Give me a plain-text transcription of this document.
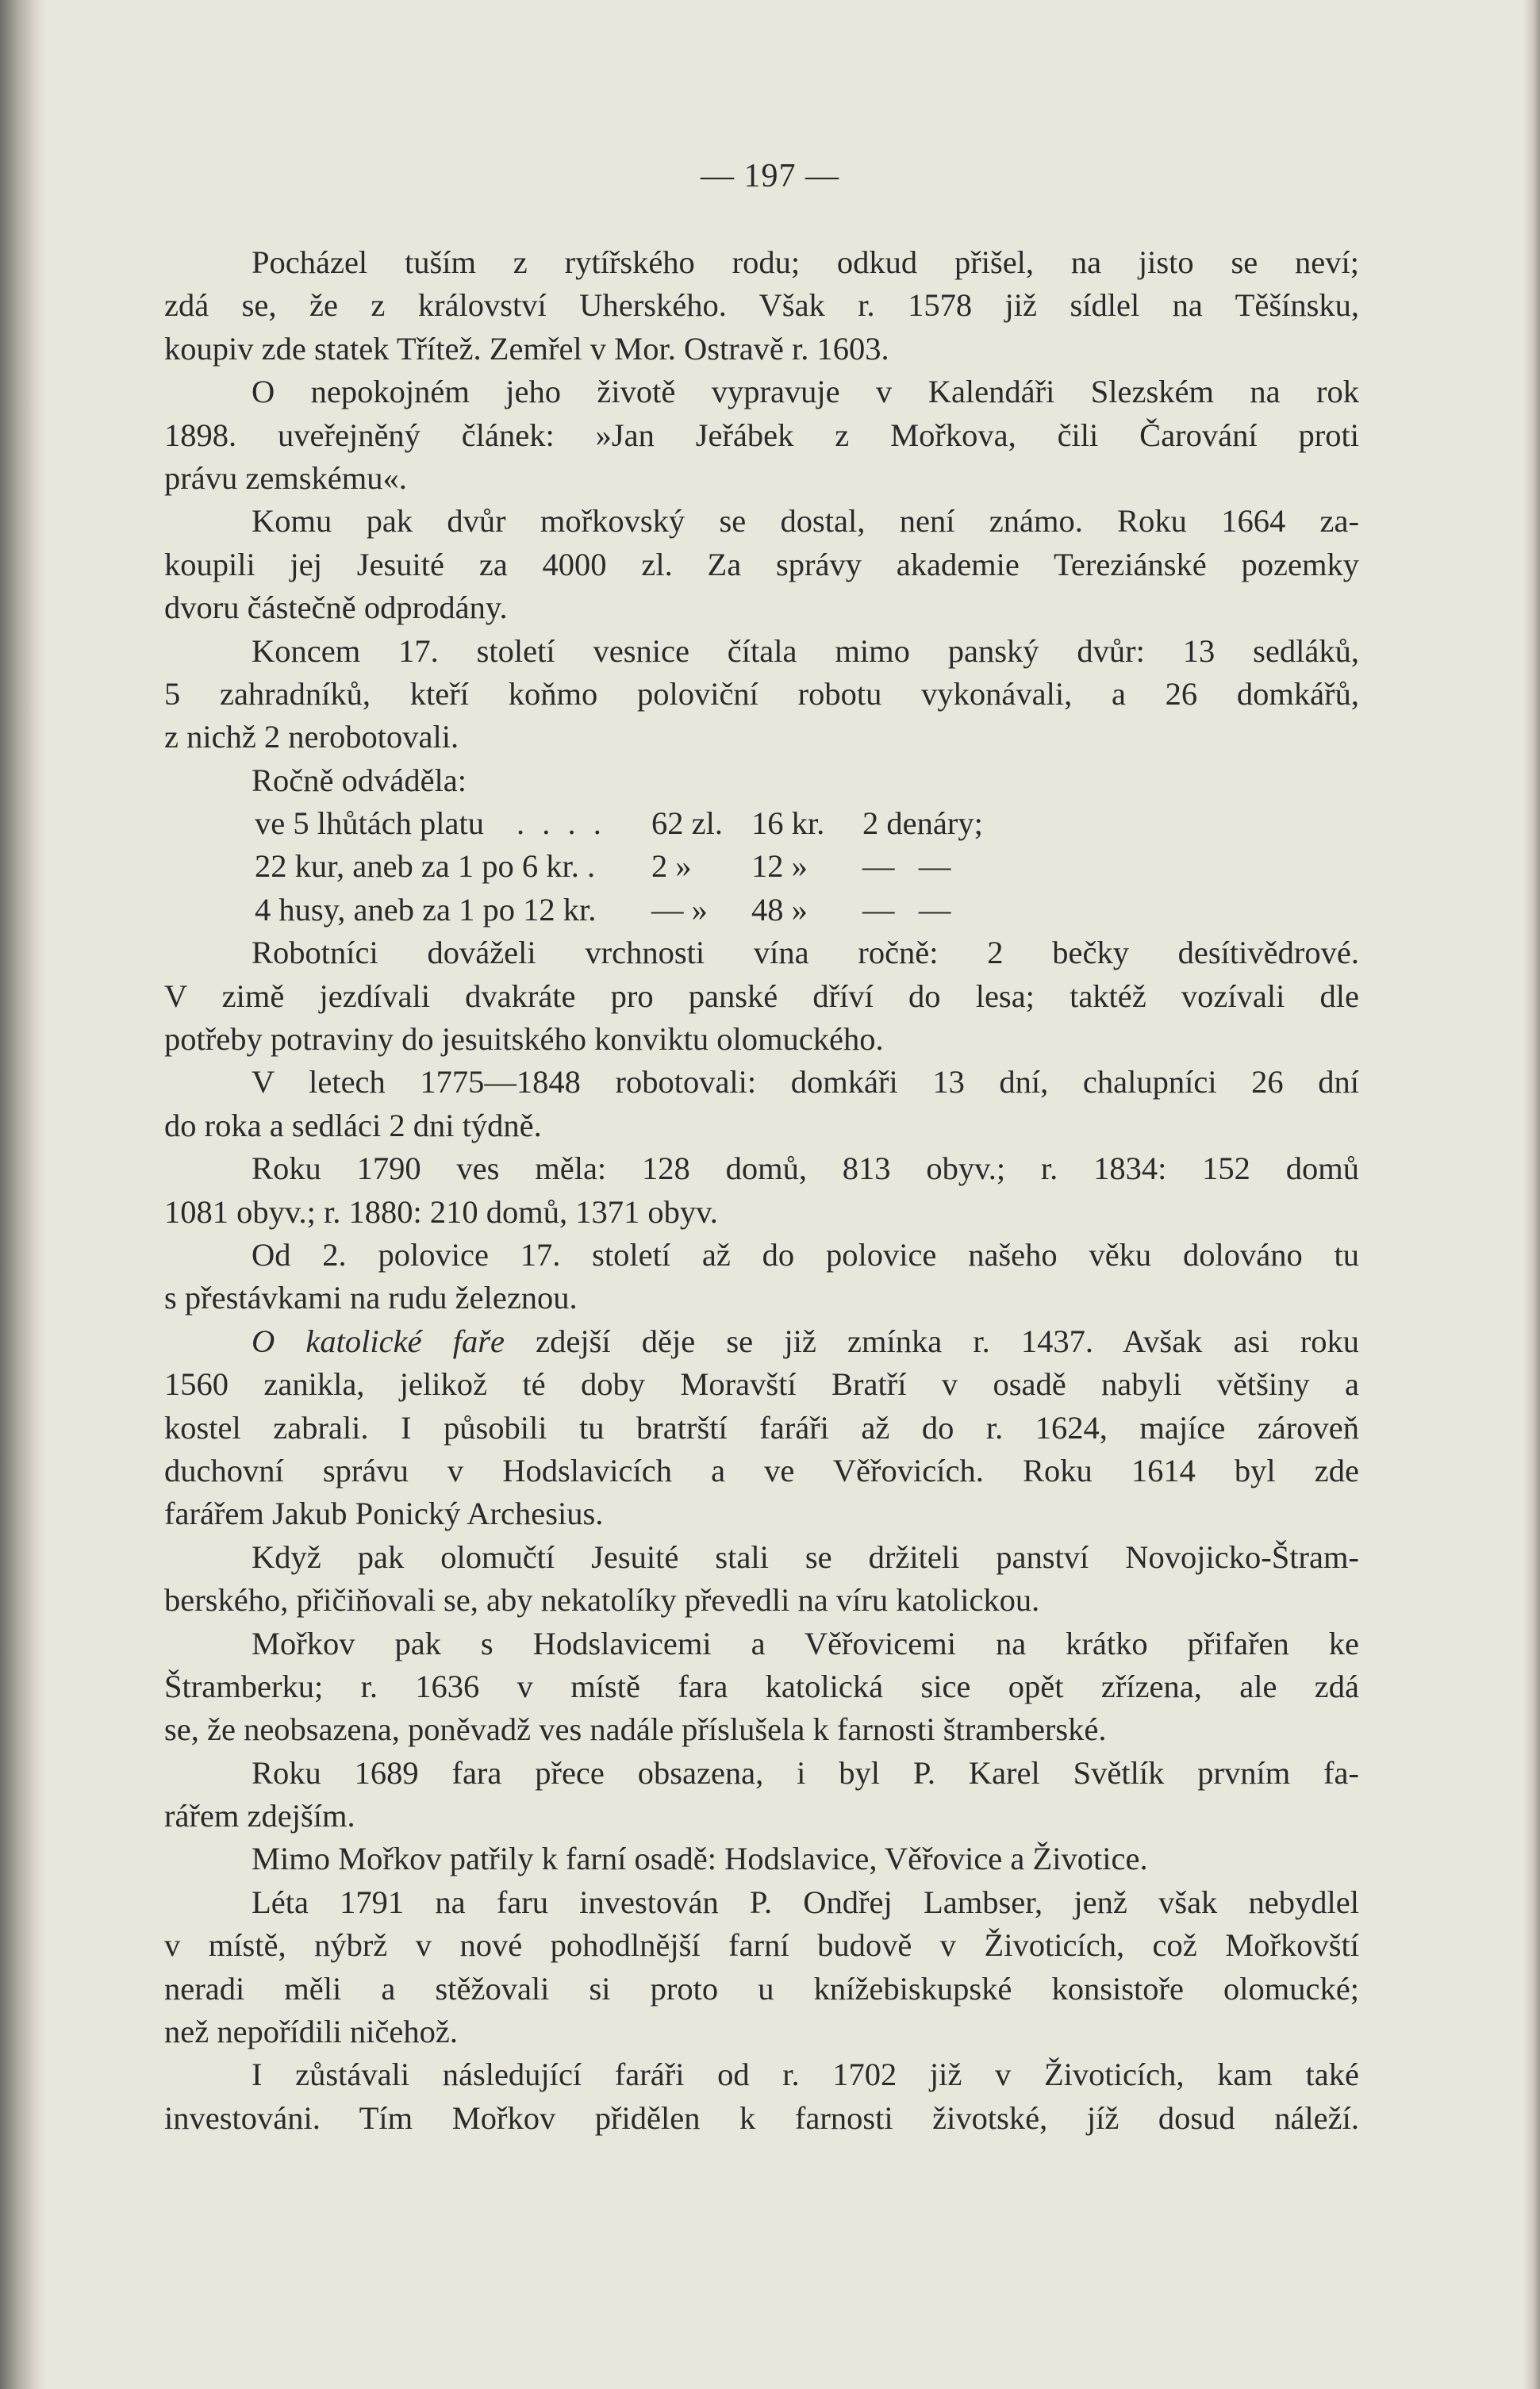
— 197 —
Pocházel tuším z rytířského rodu; odkud přišel, na jisto se neví;
zdá se, že z království Uherského. Však r. 1578 již sídlel na Těšínsku,
koupiv zde statek Třítež. Zemřel v Mor. Ostravě r. 1603.
O nepokojném jeho životě vypravuje v Kalendáři Slezském na rok
1898. uveřejněný článek: »Jan Jeřábek z Mořkova, čili Čarování proti
právu zemskému«.
Komu pak dvůr mořkovský se dostal, není známo. Roku 1664 za-
koupili jej Jesuité za 4000 zl. Za správy akademie Tereziánské pozemky
dvoru částečně odprodány.
Koncem 17. století vesnice čítala mimo panský dvůr: 13 sedláků,
5 zahradníků, kteří koňmo poloviční robotu vykonávali, a 26 domkářů,
z nichž 2 nerobotovali.
Ročně odváděla:
ve 5 lhůtách platu . . . . 62 zl. 16 kr. 2 denáry;
22 kur, aneb za 1 po 6 kr. . 2 » 12 » —   —
4 husy, aneb za 1 po 12 kr. — » 48 » —   —
Robotníci dováželi vrchnosti vína ročně: 2 bečky desítivědrové.
V zimě jezdívali dvakráte pro panské dříví do lesa; taktéž vozívali dle
potřeby potraviny do jesuitského konviktu olomuckého.
V letech 1775—1848 robotovali: domkáři 13 dní, chalupníci 26 dní
do roka a sedláci 2 dni týdně.
Roku 1790 ves měla: 128 domů, 813 obyv.; r. 1834: 152 domů
1081 obyv.; r. 1880: 210 domů, 1371 obyv.
Od 2. polovice 17. století až do polovice našeho věku dolováno tu
s přestávkami na rudu železnou.
O katolické faře zdejší děje se již zmínka r. 1437. Avšak asi roku
1560 zanikla, jelikož té doby Moravští Bratří v osadě nabyli většiny a
kostel zabrali. I působili tu bratrští faráři až do r. 1624, majíce zároveň
duchovní správu v Hodslavicích a ve Věřovicích. Roku 1614 byl zde
farářem Jakub Ponický Archesius.
Když pak olomučtí Jesuité stali se držiteli panství Novojicko-Štram-
berského, přičiňovali se, aby nekatolíky převedli na víru katolickou.
Mořkov pak s Hodslavicemi a Věřovicemi na krátko přifařen ke
Štramberku; r. 1636 v místě fara katolická sice opět zřízena, ale zdá
se, že neobsazena, poněvadž ves nadále příslušela k farnosti štramberské.
Roku 1689 fara přece obsazena, i byl P. Karel Světlík prvním fa-
rářem zdejším.
Mimo Mořkov patřily k farní osadě: Hodslavice, Věřovice a Životice.
Léta 1791 na faru investován P. Ondřej Lambser, jenž však nebydlel
v místě, nýbrž v nové pohodlnější farní budově v Životicích, což Mořkovští
neradi měli a stěžovali si proto u knížebiskupské konsistoře olomucké;
než nepořídili ničehož.
I zůstávali následující faráři od r. 1702 již v Životicích, kam také
investováni. Tím Mořkov přidělen k farnosti životské, jíž dosud náleží.
